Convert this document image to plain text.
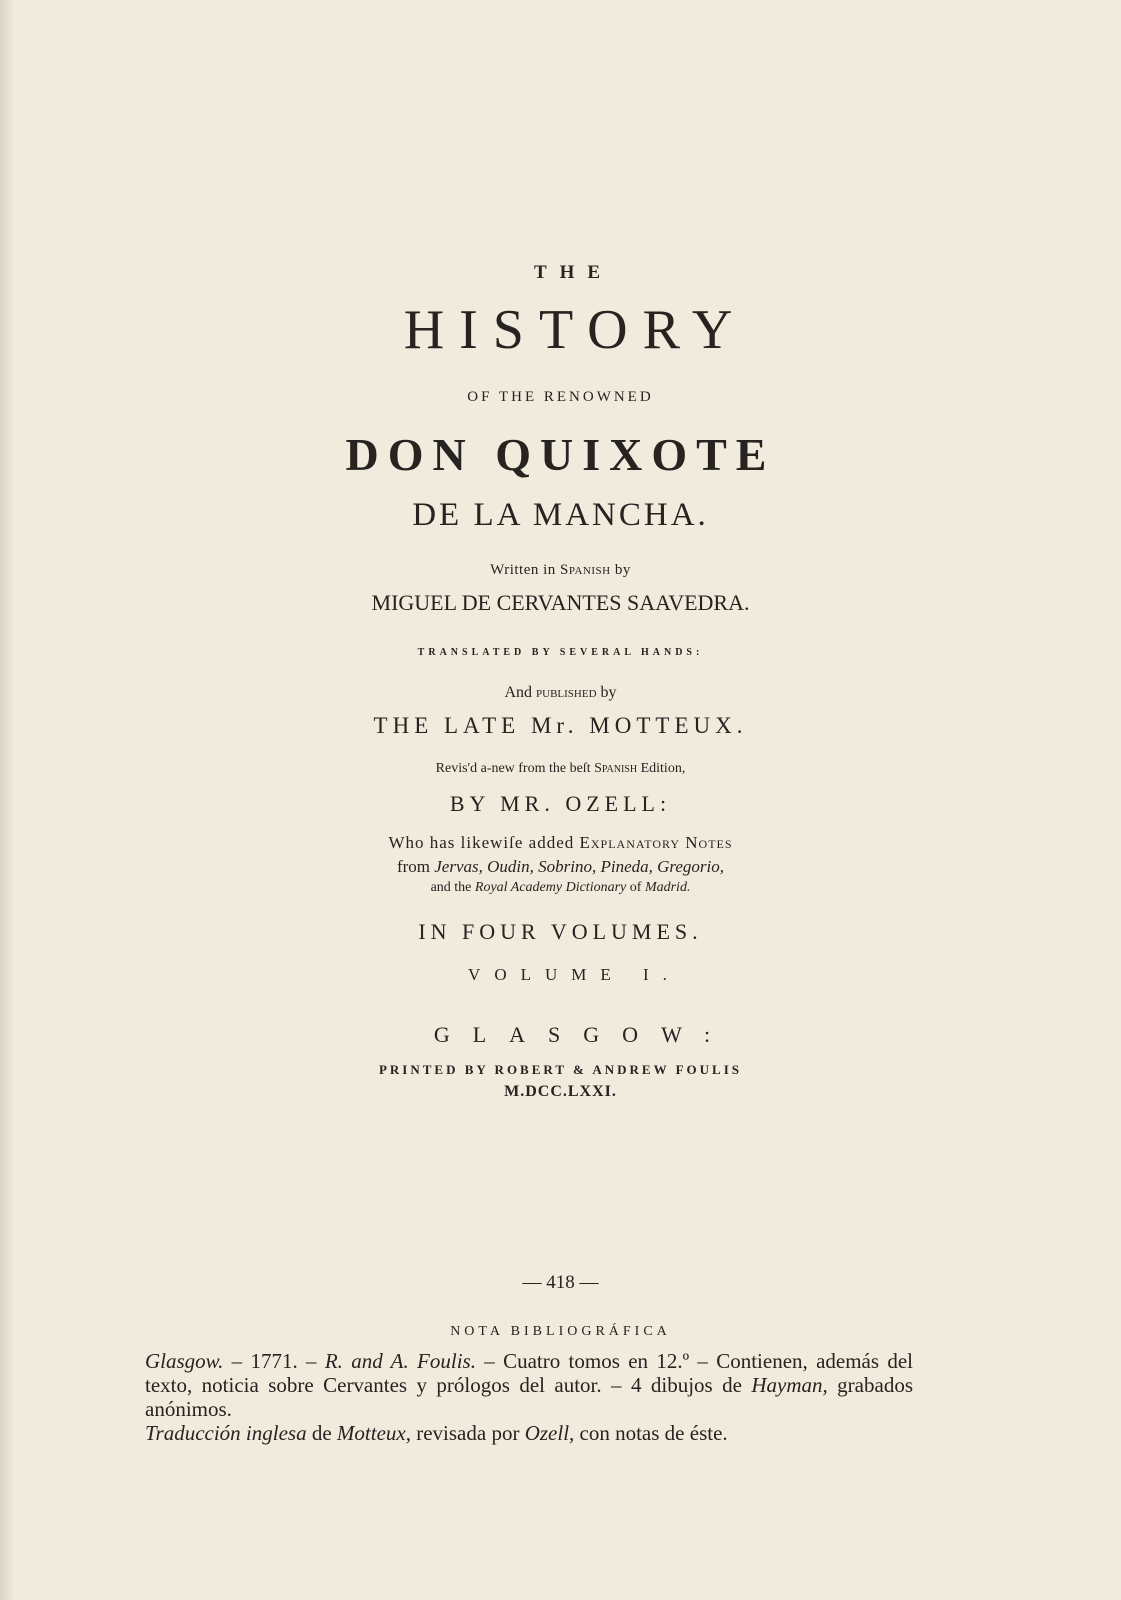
THE
HISTORY
OF THE RENOWNED
DON QUIXOTE
DE LA MANCHA.
Written in Spanish by
MIGUEL DE CERVANTES SAAVEDRA.
TRANSLATED BY SEVERAL HANDS:
And published by
THE LATE Mr. MOTTEUX.
Revis'd a-new from the beſt Spanish Edition,
BY MR. OZELL:
Who has likewiſe added Explanatory Notes
from Jervas, Oudin, Sobrino, Pineda, Gregorio,
and the Royal Academy Dictionary of Madrid.
IN FOUR VOLUMES.
VOLUME I.
GLASGOW:
PRINTED BY ROBERT & ANDREW FOULIS
M.DCC.LXXI.
— 418 —
NOTA BIBLIOGRÁFICA

Glasgow. – 1771. – R. and A. Foulis. – Cuatro tomos en 12.º – Contienen, además del texto, noticia sobre Cervantes y prólogos del autor. – 4 dibujos de Hayman, grabados anónimos.

Traducción inglesa de Motteux, revisada por Ozell, con notas de éste.
